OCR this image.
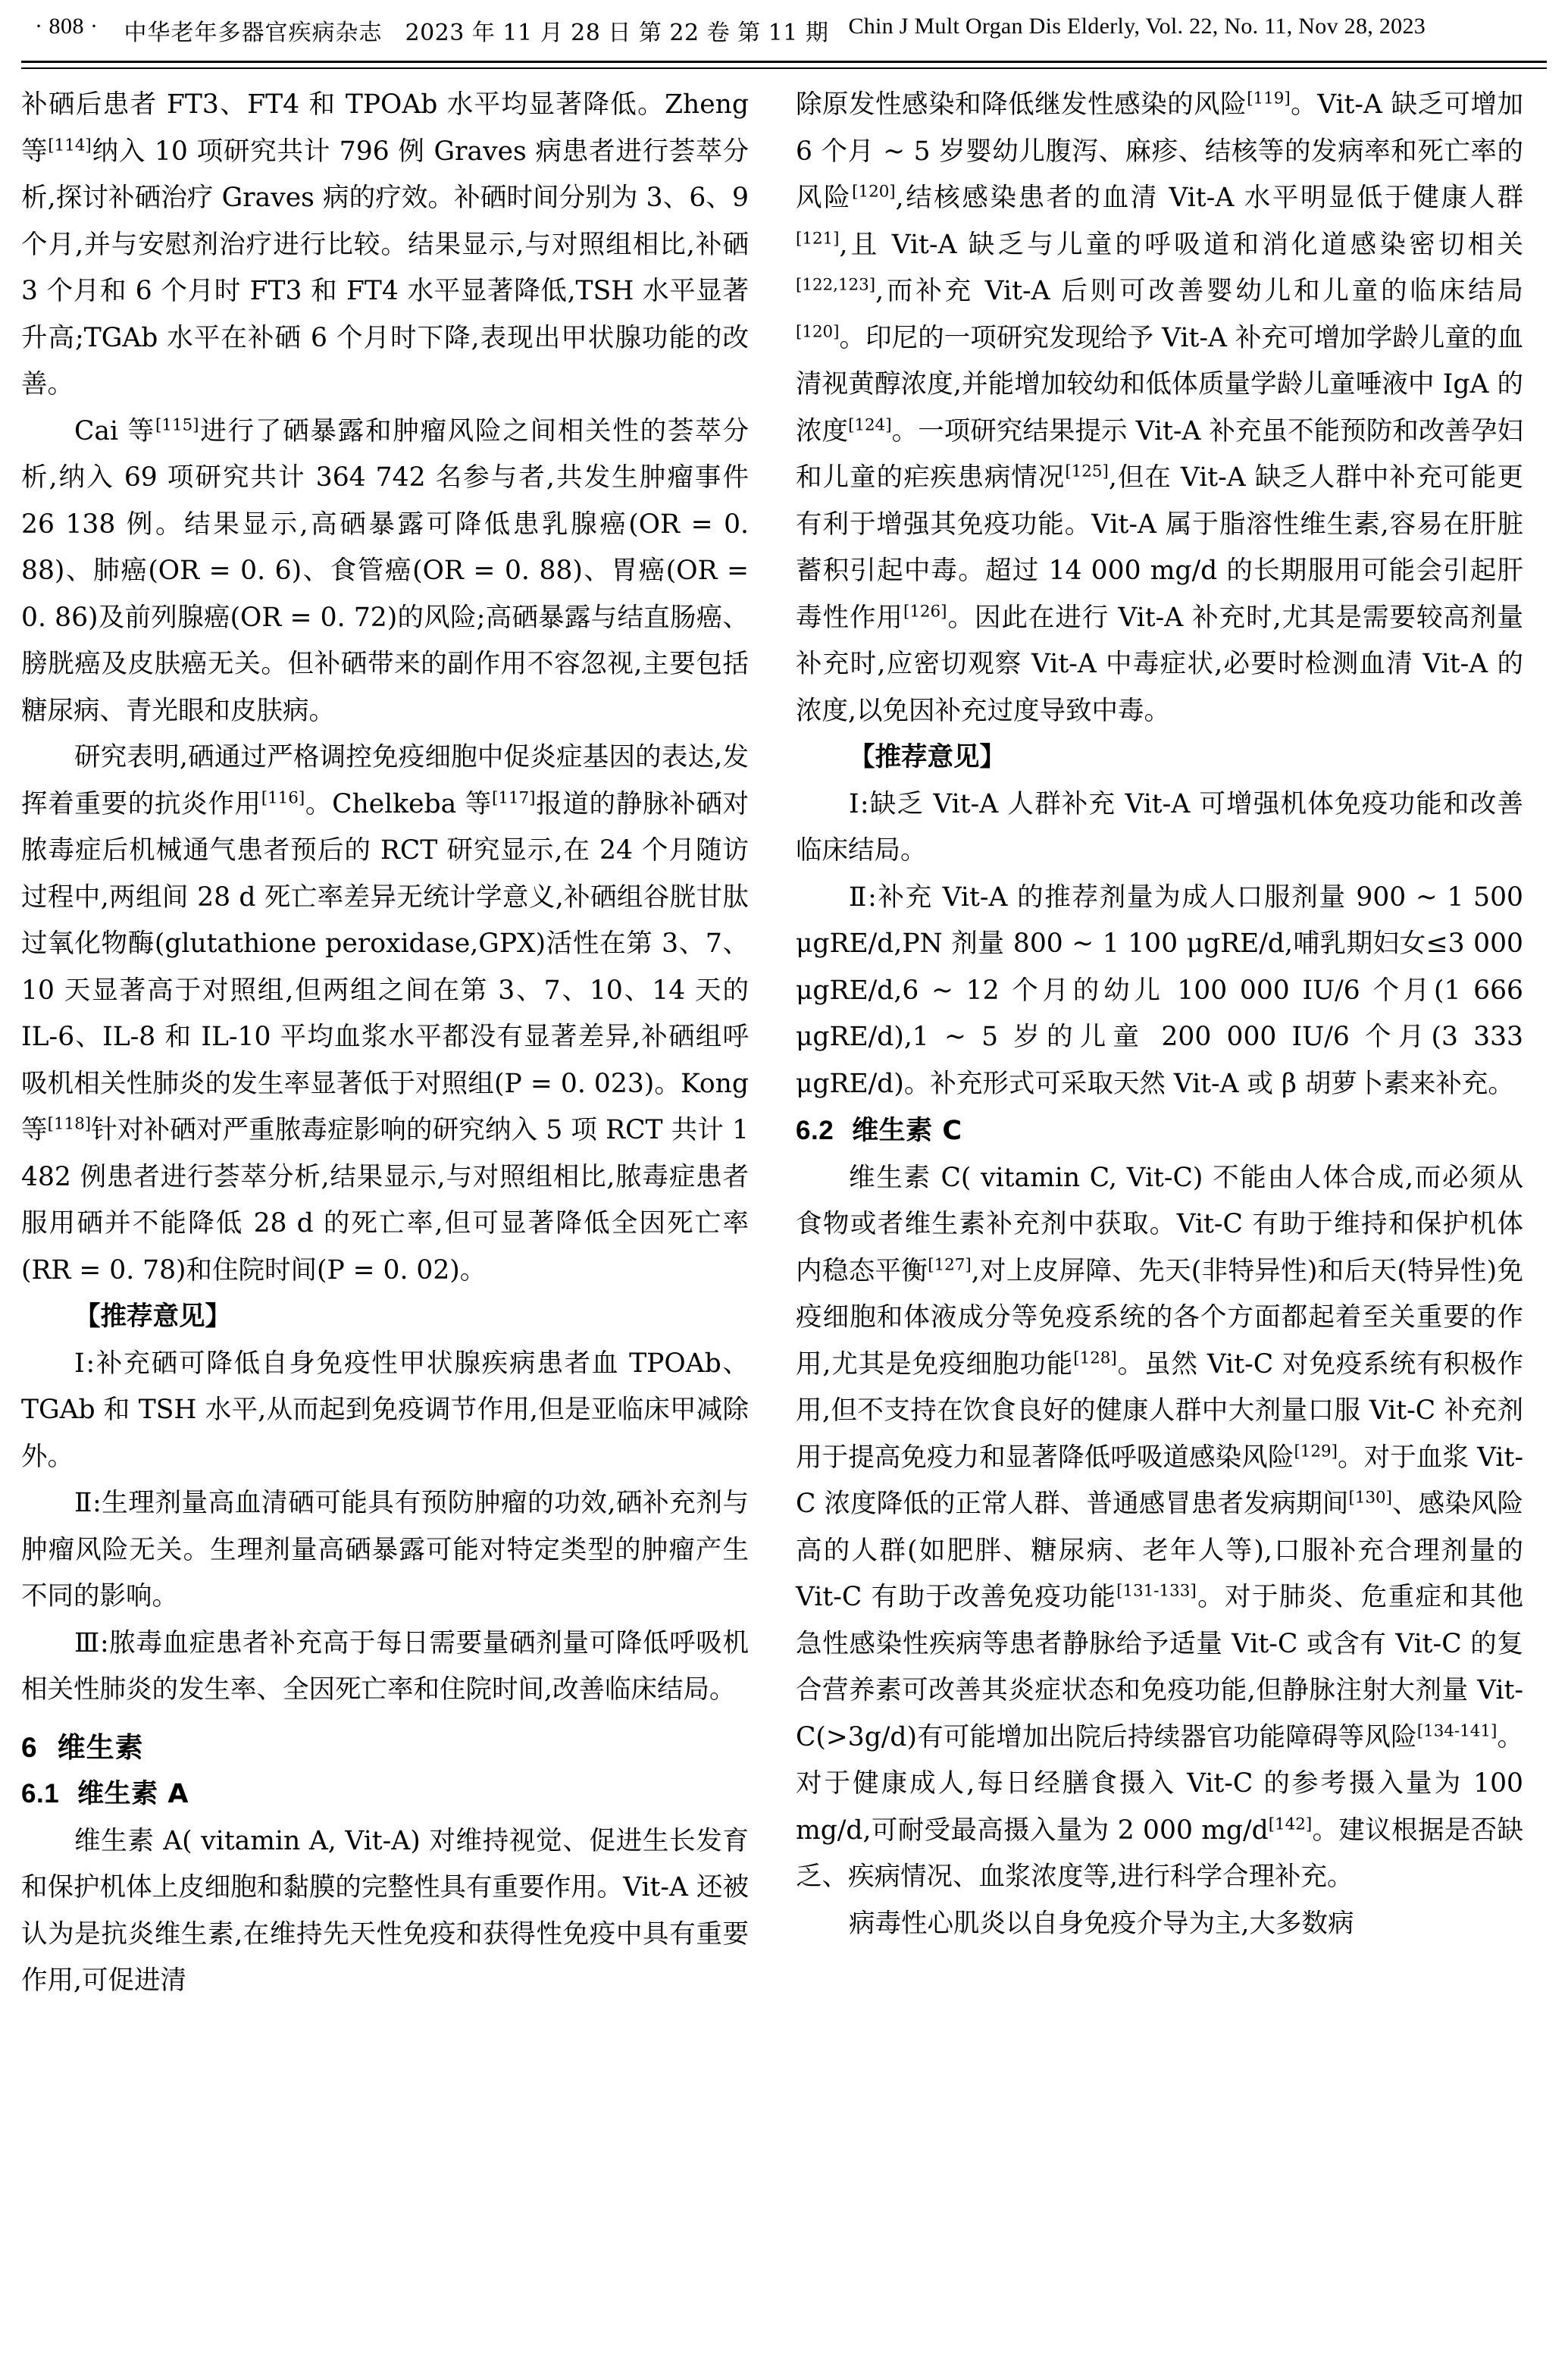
· 808 · 中华老年多器官疾病杂志 2023 年 11 月 28 日 第 22 卷 第 11 期 Chin J Mult Organ Dis Elderly, Vol. 22, No. 11, Nov 28, 2023

补硒后患者 FT3、FT4 和 TPOAb 水平均显著降低。Zheng 等[114]纳入 10 项研究共计 796 例 Graves 病患者进行荟萃分析,探讨补硒治疗 Graves 病的疗效。补硒时间分别为 3、6、9 个月,并与安慰剂治疗进行比较。结果显示,与对照组相比,补硒 3 个月和 6 个月时 FT3 和 FT4 水平显著降低,TSH 水平显著升高;TGAb 水平在补硒 6 个月时下降,表现出甲状腺功能的改善。

Cai 等[115]进行了硒暴露和肿瘤风险之间相关性的荟萃分析,纳入 69 项研究共计 364 742 名参与者,共发生肿瘤事件 26 138 例。结果显示,高硒暴露可降低患乳腺癌(OR = 0. 88)、肺癌(OR = 0. 6)、食管癌(OR = 0. 88)、胃癌(OR = 0. 86)及前列腺癌(OR = 0. 72)的风险;高硒暴露与结直肠癌、膀胱癌及皮肤癌无关。但补硒带来的副作用不容忽视,主要包括糖尿病、青光眼和皮肤病。

研究表明,硒通过严格调控免疫细胞中促炎症基因的表达,发挥着重要的抗炎作用[116]。Chelkeba 等[117]报道的静脉补硒对脓毒症后机械通气患者预后的 RCT 研究显示,在 24 个月随访过程中,两组间 28 d 死亡率差异无统计学意义,补硒组谷胱甘肽过氧化物酶(glutathione peroxidase,GPX)活性在第 3、7、10 天显著高于对照组,但两组之间在第 3、7、10、14 天的 IL-6、IL-8 和 IL-10 平均血浆水平都没有显著差异,补硒组呼吸机相关性肺炎的发生率显著低于对照组(P = 0. 023)。Kong 等[118]针对补硒对严重脓毒症影响的研究纳入 5 项 RCT 共计 1 482 例患者进行荟萃分析,结果显示,与对照组相比,脓毒症患者服用硒并不能降低 28 d 的死亡率,但可显著降低全因死亡率(RR = 0. 78)和住院时间(P = 0. 02)。

【推荐意见】

Ⅰ:补充硒可降低自身免疫性甲状腺疾病患者血 TPOAb、TGAb 和 TSH 水平,从而起到免疫调节作用,但是亚临床甲减除外。

Ⅱ:生理剂量高血清硒可能具有预防肿瘤的功效,硒补充剂与肿瘤风险无关。生理剂量高硒暴露可能对特定类型的肿瘤产生不同的影响。

Ⅲ:脓毒血症患者补充高于每日需要量硒剂量可降低呼吸机相关性肺炎的发生率、全因死亡率和住院时间,改善临床结局。

6 维生素
6.1 维生素 A

维生素 A( vitamin A, Vit-A) 对维持视觉、促进生长发育和保护机体上皮细胞和黏膜的完整性具有重要作用。Vit-A 还被认为是抗炎维生素,在维持先天性免疫和获得性免疫中具有重要作用,可促进清

除原发性感染和降低继发性感染的风险[119]。Vit-A 缺乏可增加 6 个月 ~ 5 岁婴幼儿腹泻、麻疹、结核等的发病率和死亡率的风险[120],结核感染患者的血清 Vit-A 水平明显低于健康人群[121],且 Vit-A 缺乏与儿童的呼吸道和消化道感染密切相关[122,123],而补充 Vit-A 后则可改善婴幼儿和儿童的临床结局[120]。印尼的一项研究发现给予 Vit-A 补充可增加学龄儿童的血清视黄醇浓度,并能增加较幼和低体质量学龄儿童唾液中 IgA 的浓度[124]。一项研究结果提示 Vit-A 补充虽不能预防和改善孕妇和儿童的疟疾患病情况[125],但在 Vit-A 缺乏人群中补充可能更有利于增强其免疫功能。Vit-A 属于脂溶性维生素,容易在肝脏蓄积引起中毒。超过 14 000 mg/d 的长期服用可能会引起肝毒性作用[126]。因此在进行 Vit-A 补充时,尤其是需要较高剂量补充时,应密切观察 Vit-A 中毒症状,必要时检测血清 Vit-A 的浓度,以免因补充过度导致中毒。

【推荐意见】

Ⅰ:缺乏 Vit-A 人群补充 Vit-A 可增强机体免疫功能和改善临床结局。

Ⅱ:补充 Vit-A 的推荐剂量为成人口服剂量 900 ~ 1 500 μgRE/d,PN 剂量 800 ~ 1 100 μgRE/d,哺乳期妇女≤3 000 μgRE/d,6 ~ 12 个月的幼儿 100 000 IU/6 个月(1 666 μgRE/d),1 ~ 5 岁的儿童 200 000 IU/6 个月(3 333 μgRE/d)。补充形式可采取天然 Vit-A 或 β 胡萝卜素来补充。

6.2 维生素 C

维生素 C( vitamin C, Vit-C) 不能由人体合成,而必须从食物或者维生素补充剂中获取。Vit-C 有助于维持和保护机体内稳态平衡[127],对上皮屏障、先天(非特异性)和后天(特异性)免疫细胞和体液成分等免疫系统的各个方面都起着至关重要的作用,尤其是免疫细胞功能[128]。虽然 Vit-C 对免疫系统有积极作用,但不支持在饮食良好的健康人群中大剂量口服 Vit-C 补充剂用于提高免疫力和显著降低呼吸道感染风险[129]。对于血浆 Vit-C 浓度降低的正常人群、普通感冒患者发病期间[130]、感染风险高的人群(如肥胖、糖尿病、老年人等),口服补充合理剂量的 Vit-C 有助于改善免疫功能[131-133]。对于肺炎、危重症和其他急性感染性疾病等患者静脉给予适量 Vit-C 或含有 Vit-C 的复合营养素可改善其炎症状态和免疫功能,但静脉注射大剂量 Vit-C(>3g/d)有可能增加出院后持续器官功能障碍等风险[134-141]。对于健康成人,每日经膳食摄入 Vit-C 的参考摄入量为 100 mg/d,可耐受最高摄入量为 2 000 mg/d[142]。建议根据是否缺乏、疾病情况、血浆浓度等,进行科学合理补充。

病毒性心肌炎以自身免疫介导为主,大多数病
